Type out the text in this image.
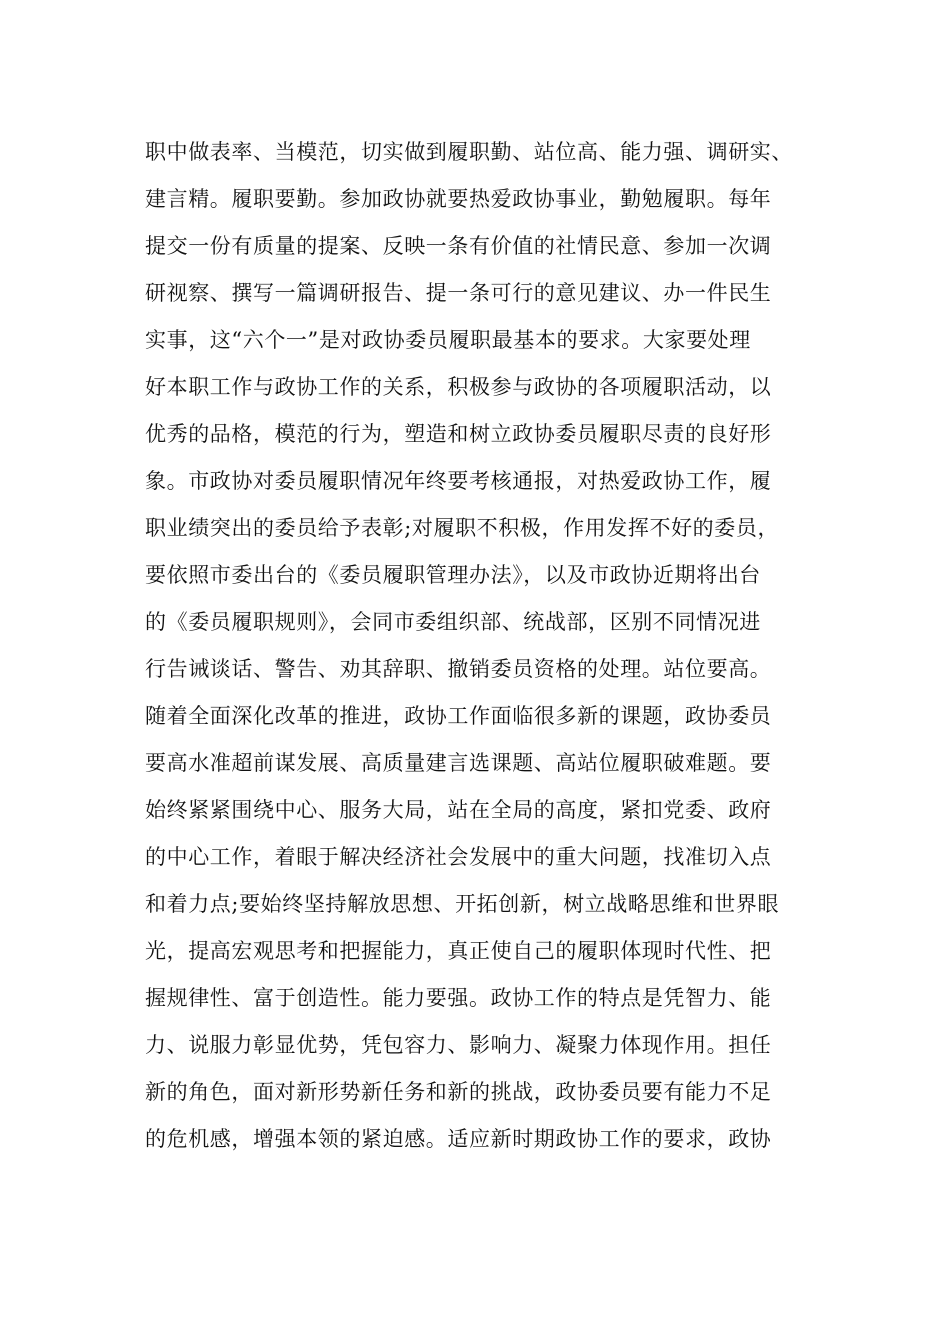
职中做表率、当模范，切实做到履职勤、站位高、能力强、调研实、
建言精。履职要勤。参加政协就要热爱政协事业，勤勉履职。每年
提交一份有质量的提案、反映一条有价值的社情民意、参加一次调
研视察、撰写一篇调研报告、提一条可行的意见建议、办一件民生
实事，这“六个一”是对政协委员履职最基本的要求。大家要处理
好本职工作与政协工作的关系，积极参与政协的各项履职活动，以
优秀的品格，模范的行为，塑造和树立政协委员履职尽责的良好形
象。市政协对委员履职情况年终要考核通报，对热爱政协工作，履
职业绩突出的委员给予表彰;对履职不积极，作用发挥不好的委员，
要依照市委出台的《委员履职管理办法》，以及市政协近期将出台
的《委员履职规则》，会同市委组织部、统战部，区别不同情况进
行告诫谈话、警告、劝其辞职、撤销委员资格的处理。站位要高。
随着全面深化改革的推进，政协工作面临很多新的课题，政协委员
要高水准超前谋发展、高质量建言选课题、高站位履职破难题。要
始终紧紧围绕中心、服务大局，站在全局的高度，紧扣党委、政府
的中心工作，着眼于解决经济社会发展中的重大问题，找准切入点
和着力点;要始终坚持解放思想、开拓创新，树立战略思维和世界眼
光，提高宏观思考和把握能力，真正使自己的履职体现时代性、把
握规律性、富于创造性。能力要强。政协工作的特点是凭智力、能
力、说服力彰显优势，凭包容力、影响力、凝聚力体现作用。担任
新的角色，面对新形势新任务和新的挑战，政协委员要有能力不足
的危机感，增强本领的紧迫感。适应新时期政协工作的要求，政协
